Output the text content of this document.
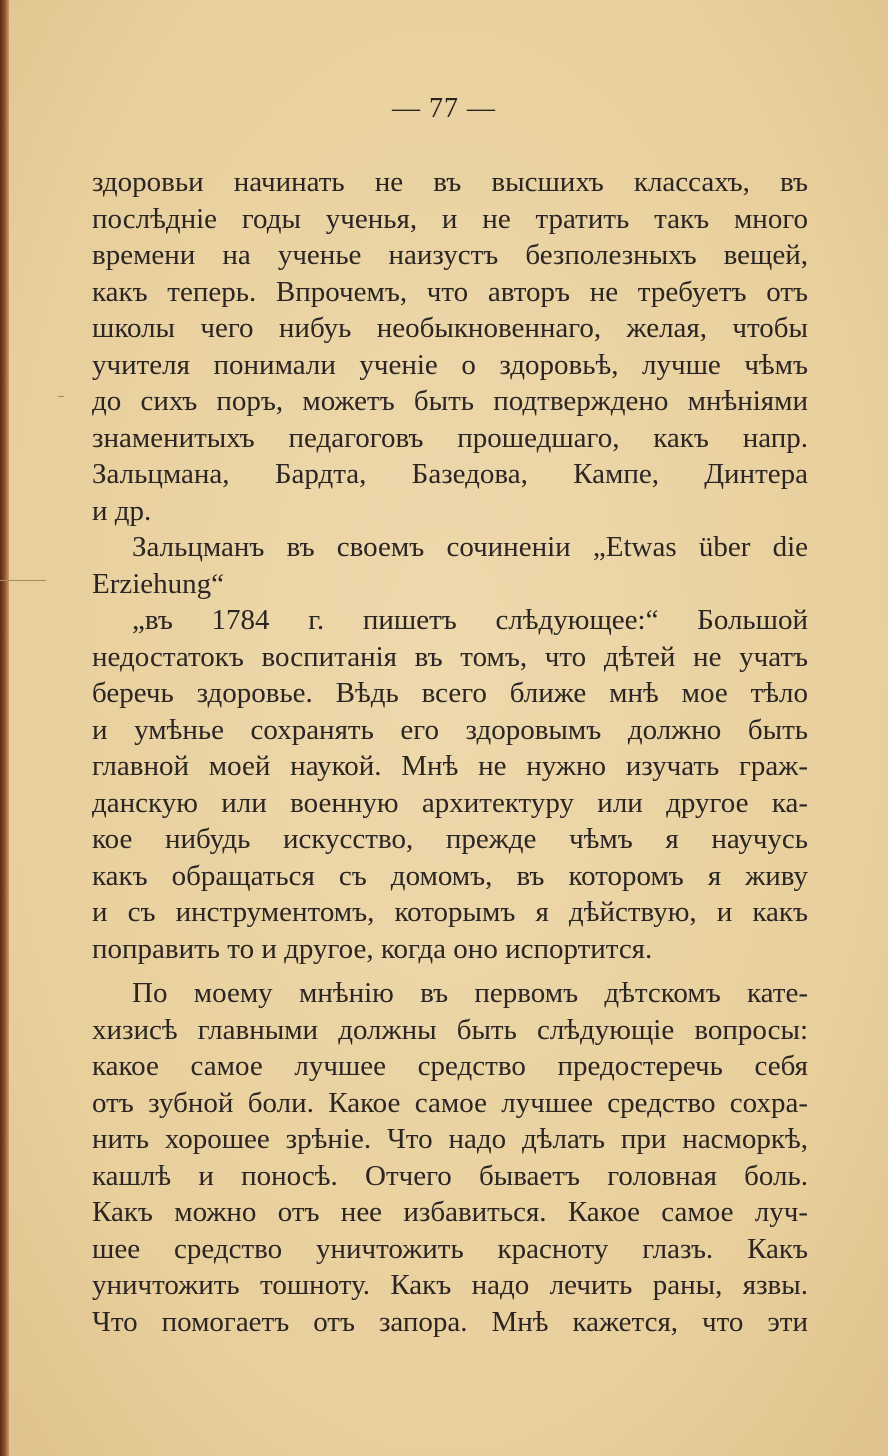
— 77 —
здоровьи начинать не въ высшихъ классахъ, въ
послѣдніе годы ученья, и не тратить такъ много
времени на ученье наизустъ безполезныхъ вещей,
какъ теперь. Впрочемъ, что авторъ не требуетъ отъ
школы чего нибуь необыкновеннаго, желая, чтобы
учителя понимали ученіе о здоровьѣ, лучше чѣмъ
до сихъ поръ, можетъ быть подтверждено мнѣніями
знаменитыхъ педагоговъ прошедшаго, какъ напр.
Зальцмана, Бардта, Базедова, Кампе, Динтера
и др.
Зальцманъ въ своемъ сочиненіи „Etwas über die
Erziehung“
„въ 1784 г. пишетъ слѣдующее:“ Большой
недостатокъ воспитанія въ томъ, что дѣтей не учатъ
беречь здоровье. Вѣдь всего ближе мнѣ мое тѣло
и умѣнье сохранять его здоровымъ должно быть
главной моей наукой. Мнѣ не нужно изучать граж-
данскую или военную архитектуру или другое ка-
кое нибудь искусство, прежде чѣмъ я научусь
какъ обращаться съ домомъ, въ которомъ я живу
и съ инструментомъ, которымъ я дѣйствую, и какъ
поправить то и другое, когда оно испортится.
По моему мнѣнію въ первомъ дѣтскомъ кате-
хизисѣ главными должны быть слѣдующіе вопросы:
какое самое лучшее средство предостеречь себя
отъ зубной боли. Какое самое лучшее средство сохра-
нить хорошее зрѣніе. Что надо дѣлать при насморкѣ,
кашлѣ и поносѣ. Отчего бываетъ головная боль.
Какъ можно отъ нее избавиться. Какое самое луч-
шее средство уничтожить красноту глазъ. Какъ
уничтожить тошноту. Какъ надо лечить раны, язвы.
Что помогаетъ отъ запора. Мнѣ кажется, что эти
